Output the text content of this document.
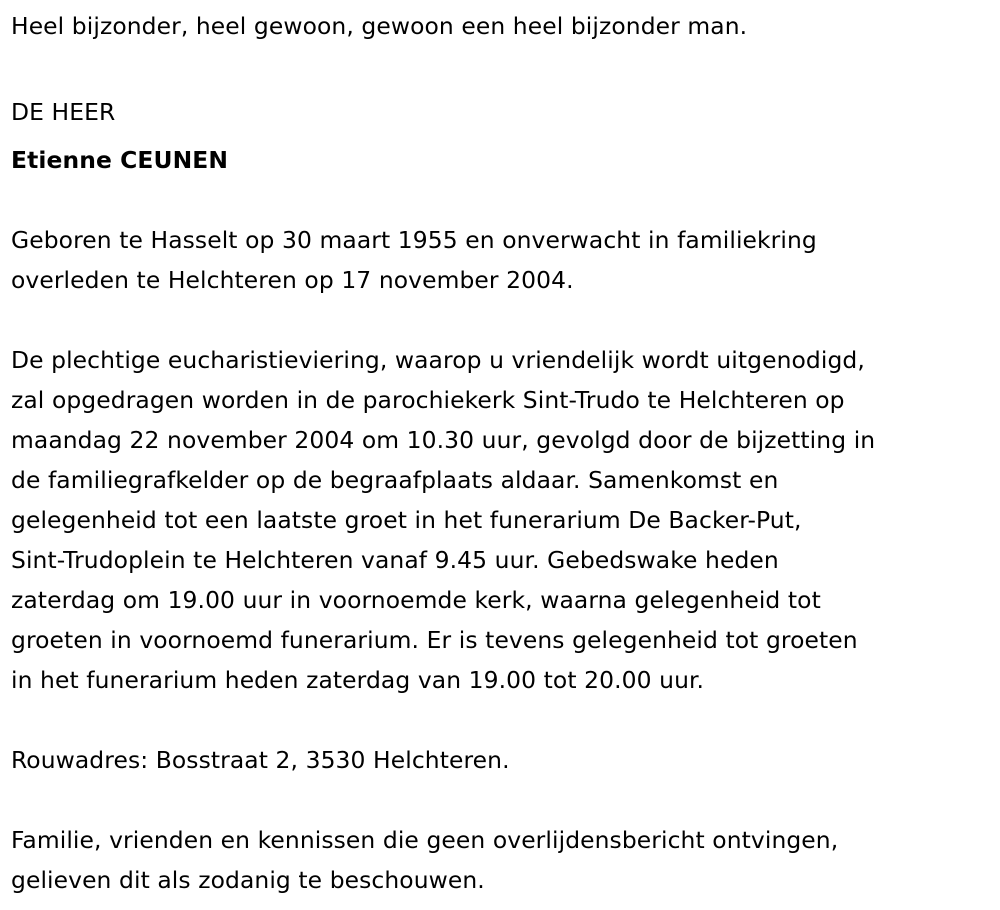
Heel bijzonder, heel gewoon, gewoon een heel bijzonder man.

DE HEER

Etienne CEUNEN

Geboren te Hasselt op 30 maart 1955 en onverwacht in familiekring

overleden te Helchteren op 17 november 2004.

De plechtige eucharistieviering, waarop u vriendelijk wordt uitgenodigd,

zal opgedragen worden in de parochiekerk Sint-Trudo te Helchteren op

maandag 22 november 2004 om 10.30 uur, gevolgd door de bijzetting in

de familiegrafkelder op de begraafplaats aldaar. Samenkomst en

gelegenheid tot een laatste groet in het funerarium De Backer-Put,

Sint-Trudoplein te Helchteren vanaf 9.45 uur. Gebedswake heden

zaterdag om 19.00 uur in voornoemde kerk, waarna gelegenheid tot

groeten in voornoemd funerarium. Er is tevens gelegenheid tot groeten

in het funerarium heden zaterdag van 19.00 tot 20.00 uur.

Rouwadres: Bosstraat 2, 3530 Helchteren.

Familie, vrienden en kennissen die geen overlijdensbericht ontvingen,

gelieven dit als zodanig te beschouwen.
